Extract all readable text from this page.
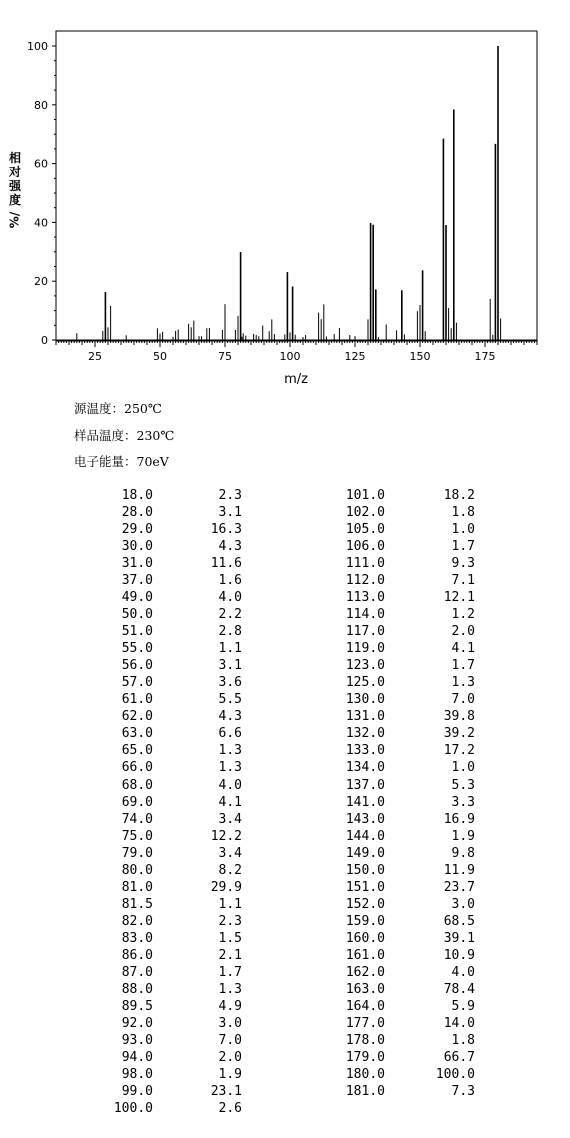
0
20
40
60
80
100
25	50	75	100	125	150	175
m/z
相
对
强
度
%/
源温度：250℃
样品温度：230℃
电子能量：70eV
18.0	2.3
28.0	3.1
29.0	16.3
30.0	4.3
31.0	11.6
37.0	1.6
49.0	4.0
50.0	2.2
51.0	2.8
55.0	1.1
56.0	3.1
57.0	3.6
61.0	5.5
62.0	4.3
63.0	6.6
65.0	1.3
66.0	1.3
68.0	4.0
69.0	4.1
74.0	3.4
75.0	12.2
79.0	3.4
80.0	8.2
81.0	29.9
81.5	1.1
82.0	2.3
83.0	1.5
86.0	2.1
87.0	1.7
88.0	1.3
89.5	4.9
92.0	3.0
93.0	7.0
94.0	2.0
98.0	1.9
99.0	23.1
100.0	2.6
101.0	18.2
102.0	1.8
105.0	1.0
106.0	1.7
111.0	9.3
112.0	7.1
113.0	12.1
114.0	1.2
117.0	2.0
119.0	4.1
123.0	1.7
125.0	1.3
130.0	7.0
131.0	39.8
132.0	39.2
133.0	17.2
134.0	1.0
137.0	5.3
141.0	3.3
143.0	16.9
144.0	1.9
149.0	9.8
150.0	11.9
151.0	23.7
152.0	3.0
159.0	68.5
160.0	39.1
161.0	10.9
162.0	4.0
163.0	78.4
164.0	5.9
177.0	14.0
178.0	1.8
179.0	66.7
180.0	100.0
181.0	7.3
